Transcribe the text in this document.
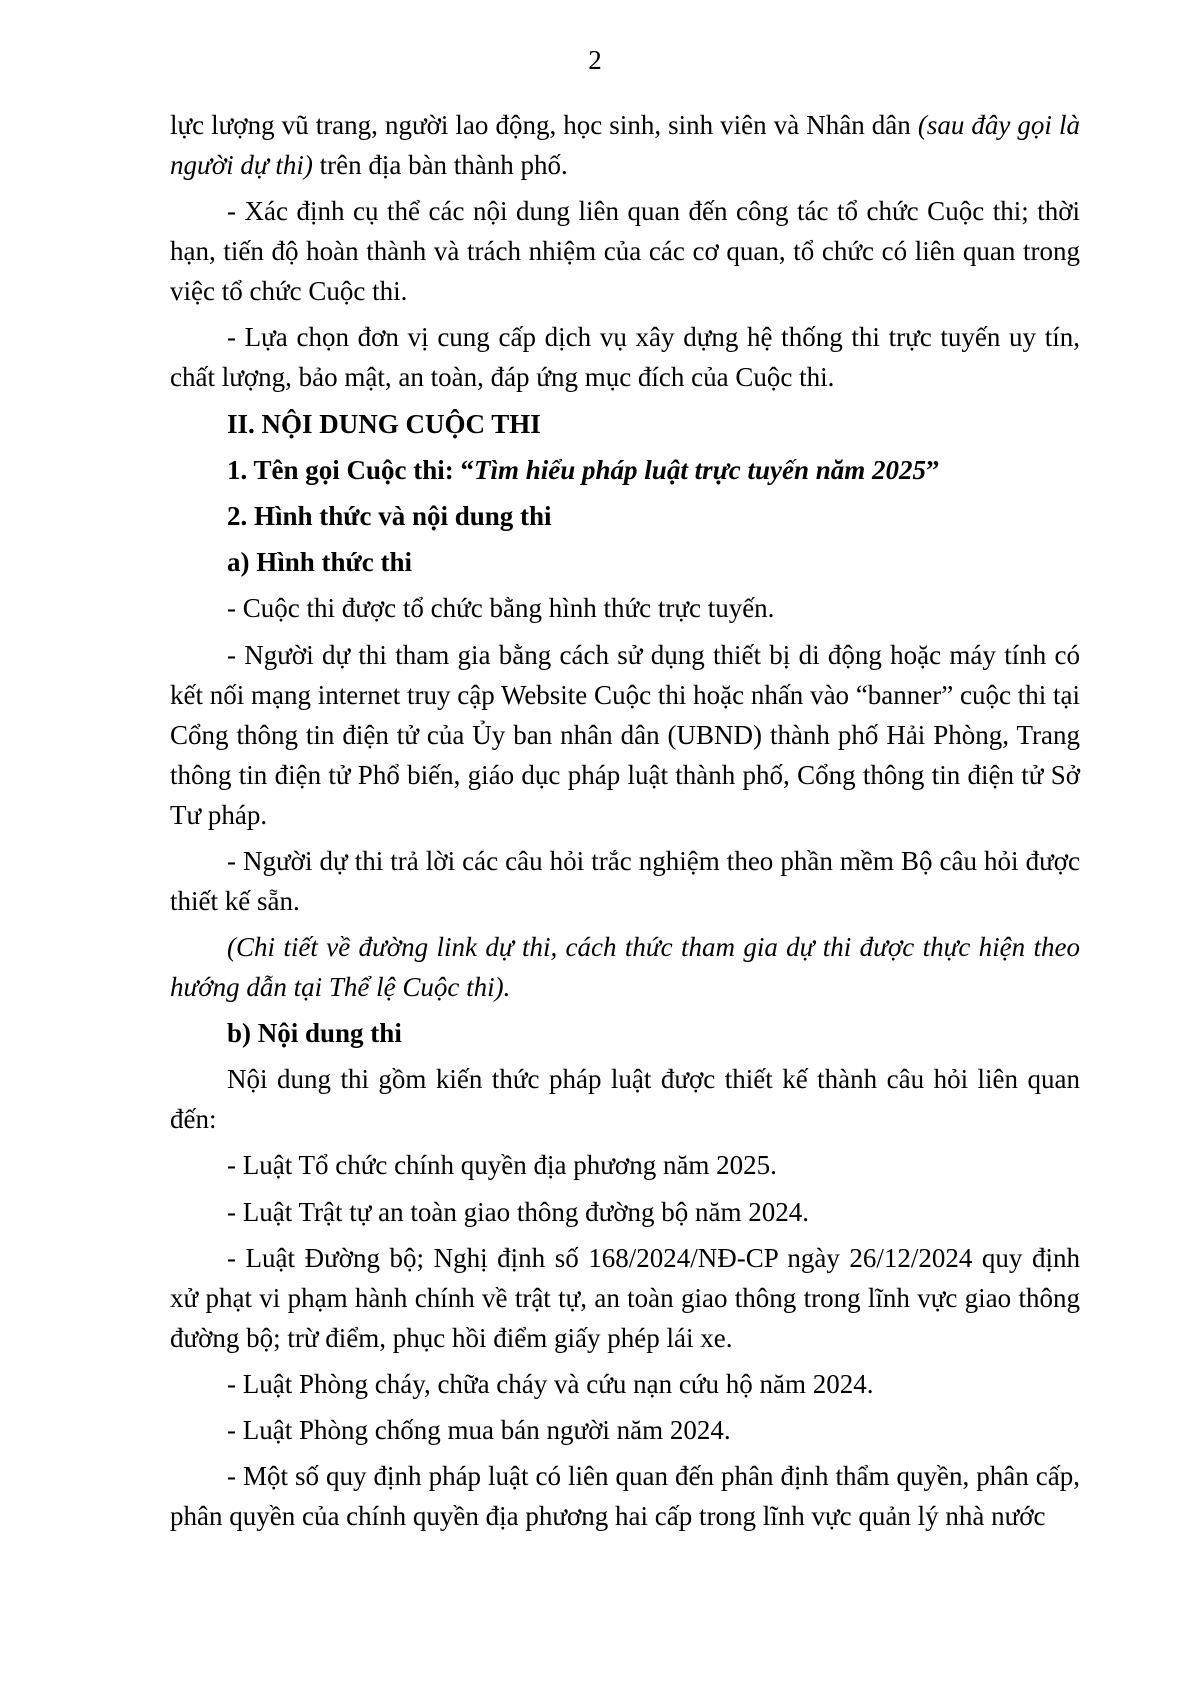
2

lực lượng vũ trang, người lao động, học sinh, sinh viên và Nhân dân (sau đây gọi là người dự thi) trên địa bàn thành phố.

- Xác định cụ thể các nội dung liên quan đến công tác tổ chức Cuộc thi; thời hạn, tiến độ hoàn thành và trách nhiệm của các cơ quan, tổ chức có liên quan trong việc tổ chức Cuộc thi.

- Lựa chọn đơn vị cung cấp dịch vụ xây dựng hệ thống thi trực tuyến uy tín, chất lượng, bảo mật, an toàn, đáp ứng mục đích của Cuộc thi.

II. NỘI DUNG CUỘC THI

1. Tên gọi Cuộc thi: “Tìm hiểu pháp luật trực tuyến năm 2025”

2. Hình thức và nội dung thi

a) Hình thức thi

- Cuộc thi được tổ chức bằng hình thức trực tuyến.

- Người dự thi tham gia bằng cách sử dụng thiết bị di động hoặc máy tính có kết nối mạng internet truy cập Website Cuộc thi hoặc nhấn vào “banner” cuộc thi tại Cổng thông tin điện tử của Ủy ban nhân dân (UBND) thành phố Hải Phòng, Trang thông tin điện tử Phổ biến, giáo dục pháp luật thành phố, Cổng thông tin điện tử Sở Tư pháp.

- Người dự thi trả lời các câu hỏi trắc nghiệm theo phần mềm Bộ câu hỏi được thiết kế sẵn.

(Chi tiết về đường link dự thi, cách thức tham gia dự thi được thực hiện theo hướng dẫn tại Thể lệ Cuộc thi).

b) Nội dung thi

Nội dung thi gồm kiến thức pháp luật được thiết kế thành câu hỏi liên quan đến:

- Luật Tổ chức chính quyền địa phương năm 2025.

- Luật Trật tự an toàn giao thông đường bộ năm 2024.

- Luật Đường bộ; Nghị định số 168/2024/NĐ-CP ngày 26/12/2024 quy định xử phạt vi phạm hành chính về trật tự, an toàn giao thông trong lĩnh vực giao thông đường bộ; trừ điểm, phục hồi điểm giấy phép lái xe.

- Luật Phòng cháy, chữa cháy và cứu nạn cứu hộ năm 2024.

- Luật Phòng chống mua bán người năm 2024.

- Một số quy định pháp luật có liên quan đến phân định thẩm quyền, phân cấp, phân quyền của chính quyền địa phương hai cấp trong lĩnh vực quản lý nhà nước
